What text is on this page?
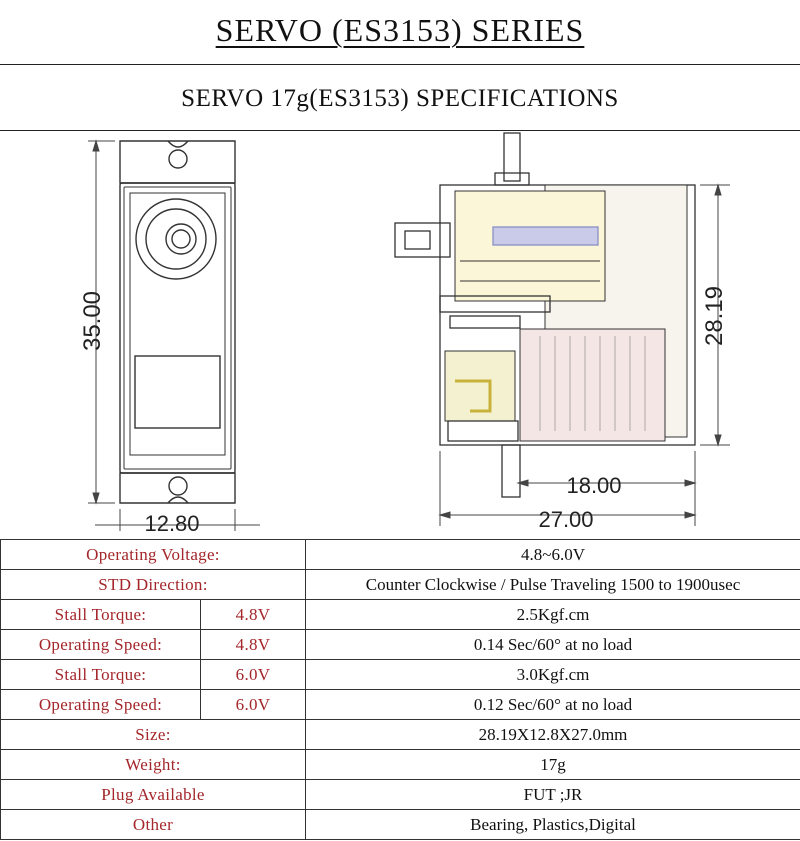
SERVO (ES3153) SERIES
SERVO 17g(ES3153) SPECIFICATIONS
35.00
12.80
28.19
18.00
27.00
Operating Voltage:		4.8~6.0V
STD Direction:		Counter Clockwise / Pulse Traveling 1500 to 1900usec
Stall Torque:	4.8V	2.5Kgf.cm
Operating Speed:	4.8V	0.14 Sec/60° at no load
Stall Torque:	6.0V	3.0Kgf.cm
Operating Speed:	6.0V	0.12 Sec/60° at no load
Size:		28.19X12.8X27.0mm
Weight:		17g
Plug Available		FUT ;JR
Other		Bearing, Plastics,Digital
